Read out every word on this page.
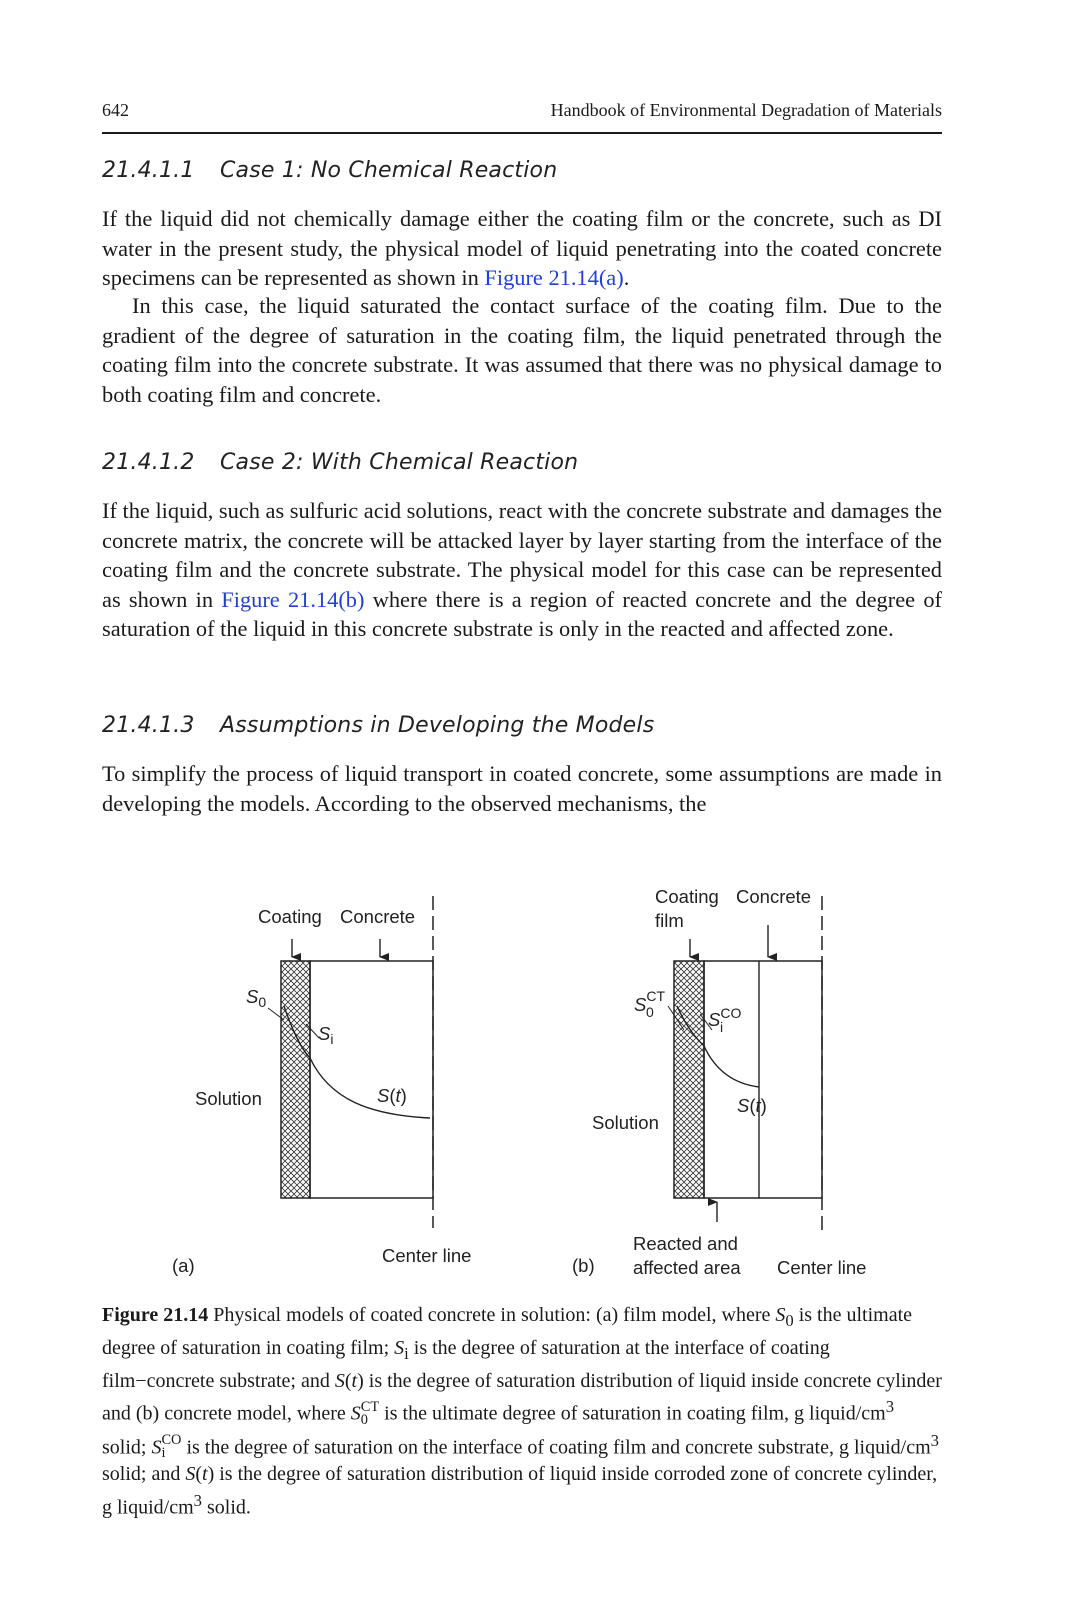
642	Handbook of Environmental Degradation of Materials
21.4.1.1 Case 1: No Chemical Reaction
If the liquid did not chemically damage either the coating film or the concrete, such as DI water in the present study, the physical model of liquid penetrating into the coated concrete specimens can be represented as shown in Figure 21.14(a).
In this case, the liquid saturated the contact surface of the coating film. Due to the gradient of the degree of saturation in the coating film, the liquid penetrated through the coating film into the concrete substrate. It was assumed that there was no physical damage to both coating film and concrete.
21.4.1.2 Case 2: With Chemical Reaction
If the liquid, such as sulfuric acid solutions, react with the concrete substrate and damages the concrete matrix, the concrete will be attacked layer by layer starting from the interface of the coating film and the concrete substrate. The physical model for this case can be represented as shown in Figure 21.14(b) where there is a region of reacted concrete and the degree of saturation of the liquid in this concrete substrate is only in the reacted and affected zone.
21.4.1.3 Assumptions in Developing the Models
To simplify the process of liquid transport in coated concrete, some assumptions are made in developing the models. According to the observed mechanisms, the
Coating Concrete
$S_0$
$S_i$
S(t)
Solution
Center line
(a)
Coating film
Concrete
$S^{CT}$ 0	$S^{CO}$ i
S(t)
Solution
Reacted and affected area Center line
(b)
Figure 21.14 Physical models of coated concrete in solution: (a) film model, where $S_0$ is the ultimate degree of saturation in coating film; $S_i$ is the degree of saturation at the interface of coating film−concrete substrate; and S(t) is the degree of saturation distribution of liquid inside concrete cylinder and (b) concrete model, where S CT
0 is the ultimate degree of saturation in coating film, g liquid/$cm^3$ solid; S CO
i is the degree of saturation on the interface of coating film and concrete substrate, g liquid/$cm^3$ solid; and S(t) is the degree of saturation distribution of liquid inside corroded zone of concrete cylinder, g liquid/$cm^3$ solid.
